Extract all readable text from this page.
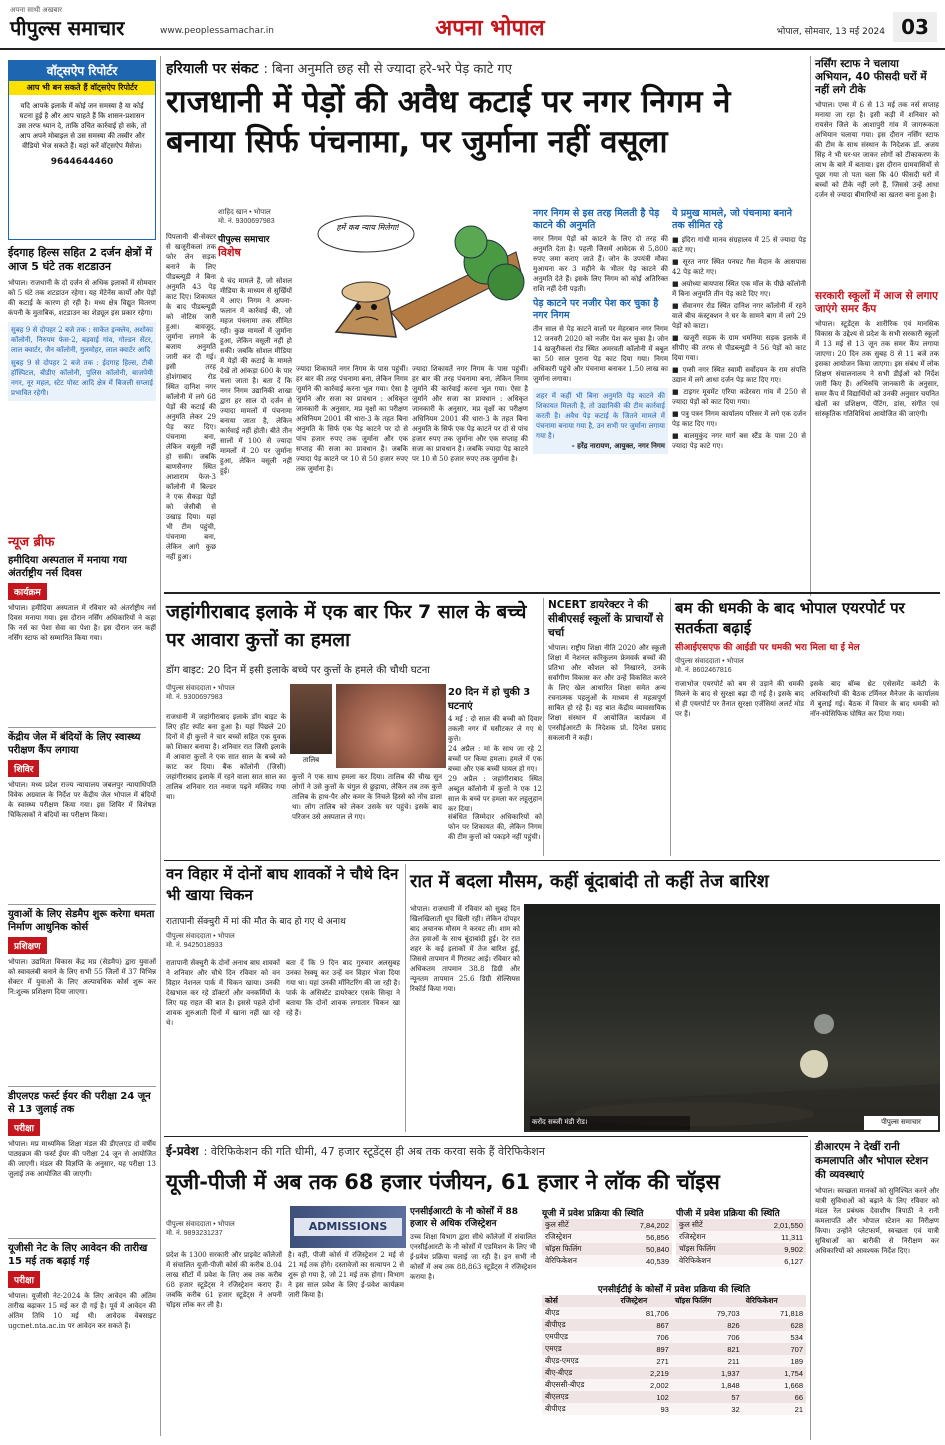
अपना साथी अखबार
पीपुल्स समाचार	www.peoplessamachar.in	अपना भोपाल	भोपाल, सोमवार, 13 मई 2024 03
वॉट्सऐप रिपोर्टर
आप भी बन सकते हैं वॉट्सऐप रिपोर्टर
यदि आपके इलाके में कोई जन समस्या है या कोई घटना हुई है और आप चाहते हैं कि शासन-प्रशासन उस तरफ ध्यान दे, ताकि उचित कार्रवाई हो सके, तो आप अपने मोबाइल से उस समस्या की तस्वीर और वीडियो भेज सकते हैं। यहां करें वॉट्सऐप मैसेज।
9644644460
ईदगाह हिल्स सहित 2 दर्जन क्षेत्रों में आज 5 घंटे तक शटडाउन
भोपाल। राजधानी के दो दर्जन से अधिक इलाकों में सोमवार को 5 घंटे तक शटडाउन रहेगा। यह मेंटेनेंस कार्यों और पेड़ों की कटाई के कारण हो रही है। मध्य क्षेत्र विद्युत वितरण कंपनी के मुताबिक, शटडाउन का शेड्यूल इस प्रकार रहेगा।
सुबह 9 से दोपहर 2 बजे तक : साकेत इन्क्लेव, अशोका कॉलोनी, निरुपम फेस-2, बड़वाई गांव, गोल्डन सेंटर, लाल क्वार्टर, जैन कॉलोनी, गुलमोहर, लाल क्वार्टर आदि
सुबह 9 से दोपहर 2 बजे तक : ईदगाह हिल्स, टीबी हॉस्पिटल, बीडीए कॉलोनी, पुलिस कॉलोनी, बाजपेयी नगर, नूर महल, स्टेट पोस्ट आदि क्षेत्र में बिजली सप्लाई प्रभावित रहेगी।
न्यूज ब्रीफ
हमीदिया अस्पताल में मनाया गया अंतर्राष्ट्रीय नर्स दिवस
कार्यक्रम
भोपाल। हमीदिया अस्पताल में रविवार को अंतर्राष्ट्रीय नर्स दिवस मनाया गया। इस दौरान नर्सिंग अधिकारियों ने कहा कि नर्स का पेशा सेवा का पेशा है। इस दौरान जन कहीं नर्सिंग स्टाफ को सम्मानित किया गया।
केंद्रीय जेल में बंदियों के लिए स्वास्थ्य परीक्षण कैंप लगाया
शिविर
भोपाल। मध्य प्रदेश राज्य न्यायालय जबलपुर न्यायाधिपति विवेक अग्रवाल के निर्देश पर केंद्रीय जेल भोपाल में बंदियों के स्वास्थ्य परीक्षण किया गया। इस शिविर में विशेषज्ञ चिकित्सकों ने बंदियों का परीक्षण किया।
युवाओं के लिए सेडमैप शुरू करेगा धमता निर्माण आधुनिक कोर्स
प्रशिक्षण
भोपाल। उद्यमिता विकास केंद्र मप्र (सेडमैप) द्वारा युवाओं को स्वावलंबी बनाने के लिए सभी 55 जिलों में 37 विभिन्न सेक्टर में युवाओं के लिए अल्पावधिक कोर्स शुरू कर नि:शुल्क प्रशिक्षण दिया जाएगा।
डीएलएड फर्स्ट ईयर की परीक्षा 24 जून से 13 जुलाई तक
परीक्षा
भोपाल। मप्र माध्यमिक शिक्षा मंडल की डीएलएड दो वर्षीय पाठ्यक्रम की फर्स्ट ईयर की परीक्षा 24 जून से आयोजित की जाएगी। मंडल की विज्ञप्ति के अनुसार, यह परीक्षा 13 जुलाई तक आयोजित की जाएगी।
यूजीसी नेट के लिए आवेदन की तारीख 15 मई तक बढ़ाई गई
परीक्षा
भोपाल। यूजीसी नेट-2024 के लिए आवेदन की अंतिम तारीख बढ़ाकर 15 मई कर दी गई है। पूर्व में आवेदन की अंतिम तिथि 10 मई थी। आवेदक वेबसाइट ugcnet.nta.ac.in पर आवेदन कर सकते हैं।
हरियाली पर संकट : बिना अनुमति छह सौ से ज्यादा हरे-भरे पेड़ काटे गए
राजधानी में पेड़ों की अवैध कटाई पर नगर निगम ने बनाया सिर्फ पंचनामा, पर जुर्माना नहीं वसूला
शाहिद खान • भोपाल
मो. नं. 9300697983
हमें कब न्याय मिलेगा!
पीपुल्स समाचार
विशेष
पिपलानी बी-सेक्टर से खजूरीकलां तक फोर लेन सड़क बनाने के लिए पीडब्ल्यूडी ने बिना अनुमति 43 पेड़ काट दिए। शिकायत के बाद पीडब्ल्यूडी को नोटिस जारी हुआ। बावजूद, जुर्माना लगाने के बजाय अनुमति जारी कर दी गई। इसी तरह होशंगाबाद रोड स्थित दानिश नगर कॉलोनी में लगे 68 पेड़ों की कटाई की अनुमति लेकर 29 पेड़ काट दिए। पंचनामा बना, लेकिन वसूली नहीं हो सकी। जबकि बाणसैनगर स्थित आशाराम फेज-3 कॉलोनी में बिल्डर ने एक सैकड़ा पेड़ों को जेसीबी से उखाड़ दिया। यहां भी टीम पहुंची, पंचनामा बना, लेकिन आगे कुछ नहीं हुआ।
ये चंद मामले हैं, जो सोशल मीडिया के माध्यम से सुर्खियों में आए। निगम ने अपना-फलान में कार्रवाई की, जो महज पंचनामा तक सीमित रही। कुछ मामलों में जुर्माना हुआ, लेकिन वसूली नहीं हो सकी। जबकि सोशल मीडिया में पेड़ों की कटाई के मामले देखें तो आंकड़ा 600 के पार चला जाता है। बता दें कि नगर निगम उद्यानिकी शाखा द्वारा हर साल दो दर्जन से ज्यादा मामलों में पंचनामा बनाया जाता है, लेकिन कार्रवाई नहीं होती। बीते तीन सालों में 100 से ज्यादा मामलों में 20 पर जुर्माना हुआ, लेकिन वसूली नहीं हुई।
ज्यादा शिकायतें नगर निगम के पास पहुंचीं। हर बार की तरह पंचनामा बना, लेकिन निगम जुर्माने की कार्रवाई करना भूल गया। ऐसा है जुर्माने और सजा का प्रावधान : अधिकृत जानकारी के अनुसार, मप्र वृक्षों का परीक्षण अधिनियम 2001 की धारा-3 के तहत बिना अनुमति के सिर्फ एक पेड़ काटने पर दो से पांच हजार रुपए तक जुर्माना और एक सप्ताह की सजा का प्रावधान है। जबकि ज्यादा पेड़ काटने पर 10 से 50 हजार रुपए तक जुर्माना है।
ज्यादा शिकायतें नगर निगम के पास पहुंचीं। हर बार की तरह पंचनामा बना, लेकिन निगम जुर्माने की कार्रवाई करना भूल गया। ऐसा है जुर्माने और सजा का प्रावधान : अधिकृत जानकारी के अनुसार, मप्र वृक्षों का परीक्षण अधिनियम 2001 की धारा-3 के तहत बिना अनुमति के सिर्फ एक पेड़ काटने पर दो से पांच हजार रुपए तक जुर्माना और एक सप्ताह की सजा का प्रावधान है। जबकि ज्यादा पेड़ काटने पर 10 से 50 हजार रुपए तक जुर्माना है।
नगर निगम से इस तरह मिलती है पेड़ काटने की अनुमति
नगर निगम पेड़ों को काटने के लिए दो तरह की अनुमति देता है। पहली जिसमें आवेदक से 5,800 रुपए जमा कराए जाते हैं। जोन के उपयंत्री मौका मुआयना कर 3 महीने के भीतर पेड़ काटने की अनुमति देते हैं। इसके लिए निगम को कोई अतिरिक्त राशि नहीं देनी पड़ती।
पेड़ काटने पर नजीर पेश कर चुका है नगर निगम
तीन साल से पेड़ काटने वालों पर मेहरबान नगर निगम 12 जनवरी 2020 को नजीर पेश कर चुका है। जोन 14 खजूरीकलां रोड स्थित अमरवती कॉलोनी में बबूल का 50 साल पुराना पेड़ काट दिया गया। निगम अधिकारी पहुंचे और पंचनामा बनाकर 1.50 लाख का जुर्माना लगाया।
शहर में कहीं भी बिना अनुमति पेड़ काटने की शिकायत मिलती है, तो उद्यानिकी की टीम कार्रवाई करती है। अवैध पेड़ कटाई के जितने मामले में पंचनामा बनाया गया है, उन सभी पर जुर्माना लगाया गया है।
- हरेंद्र नारायण, आयुक्त, नगर निगम
ये प्रमुख मामले, जो पंचनामा बनाने तक सीमित रहे
■ इंदिरा गांधी मानव संग्रहालय में 25 से ज्यादा पेड़ काटे गए।
■ सूरत नगर स्थित पनघट गैस मैदान के आसपास 42 पेड़ काटे गए।
■ अयोध्या बायपास स्थित एक मॉल के पीछे कॉलोनी में बिना अनुमति तीन पेड़ काटे दिए गए।
■ सेंवानगर रोड स्थित दानिश नगर कॉलोनी में रहने वाले बीच कंस्ट्रक्शन ने घर के सामने बाग में लगे 29 पेड़ों को काटा।
■ खजूरी सड़क के ग्राम धमनिया सड़क इलाके में सीपीए की तरफ से पीडब्ल्यूडी ने 56 पेड़ों को काट दिया गया।
■ एम्सी नगर स्थित स्वामी सर्वोदयन के राम संपत्ति उद्यान में लगे आधा दर्जन पेड़ काट दिए गए।
■ टाइगर मूवमेंट एरिया कडेरवरा गांव में 250 से ज्यादा पेड़ों को काट दिया गया।
■ पत्रु पत्रन निगम कार्यालय परिसर में लगे एक दर्जन पेड़ काट दिए गए।
■ बालमुकुंद नगर मार्ग बस स्टैंड के पास 20 से ज्यादा पेड़ काटे गए।
नर्सिंग स्टाफ ने चलाया अभियान, 40 फीसदी घरों में नहीं लगे टीके
भोपाल। एम्स में 6 से 13 मई तक नर्स सप्ताह मनाया जा रहा है। इसी कड़ी में शनिवार को रायसेन जिले के आशापुरी गांव में जागरूकता अभियान चलाया गया। इस दौरान नर्सिंग स्टाफ की टीम के साथ संस्थान के निदेशक डॉ. अजय सिंह ने भी घर-घर जाकर लोगों को टीकाकरण के लाभ के बारे में बताया। इस दौरान ग्रामवासियों से पूछा गया तो पता चला कि 40 फीसदी घरों में बच्चों को टीके नहीं लगे हैं, जिससे उन्हें आधा दर्जन से ज्यादा बीमारियों का खतरा बना हुआ है।
सरकारी स्कूलों में आज से लगाए जाएंगे समर कैंप
भोपाल। स्टूडेंट्स के शारीरिक एवं मानसिक विकास के उद्देश्य से प्रदेश के सभी सरकारी स्कूलों में 13 मई से 13 जून तक समर कैंप लगाया जाएगा। 20 दिन तक सुबह 8 से 11 बजे तक इसका आयोजन किया जाएगा। इस संबंध में लोक शिक्षण संचालनालय ने सभी डीईओ को निर्देश जारी किए हैं। अभिरुचि जानकारी के अनुसार, समर कैंप में विद्यार्थियों को उनकी अनुसार चयनित खेलों का प्रशिक्षण, पेंटिंग, डांस, संगीत एवं सांस्कृतिक गतिविधियां आयोजित की जाएंगी।
जहांगीराबाद इलाके में एक बार फिर 7 साल के बच्चे पर आवारा कुत्तों का हमला
डॉग बाइट: 20 दिन में इसी इलाके बच्चे पर कुत्तों के हमले की चौथी घटना
पीपुल्स संवाददाता • भोपाल
मो. नं. 9300697983
तालिब
राजधानी में जहांगीराबाद इलाके डॉग बाइट के लिए हॉट स्पॉट बना हुआ है। यहां पिछले 20 दिनों में ही कुत्तों ने चार बच्चों सहित एक युवक को शिकार बनाया है। शनिवार रात जिसी इलाके में आवारा कुत्तों ने एक सात साल के बच्चे को काट कर दिया। बैंक कॉलोनी (जिसी) जहांगीराबाद इलाके में रहने वाला सात साल का तालिब शनिवार रात नमाज पढ़ने मस्जिद गया था।
कुत्तों ने एक साथ हमला कर दिया। तालिब की चीख सुन लोगों ने उसे कुत्तों के चंगुल से छुड़ाया, लेकिन तब तक कुत्ते तालिब के हाथ-पैर और कमर के निचले हिस्से को नोंच डाला था। लोग तालिब को लेकर उसके घर पहुंचे। इसके बाद परिजन उसे अस्पताल ले गए।
20 दिन में हो चुकी 3 घटनाएं
4 मई : दो साल की बच्ची को दिवार तकली नगर में घसीटकर ले गए थे कुत्ते।
24 अप्रैल : मां के साथ जा रहे 2 बच्चों पर किया हमला। हमले में एक बच्चा और एक बच्ची घायल हो गए।
29 अप्रैल : जहांगीराबाद स्थित अब्दुल कॉलोनी में कुत्तों ने एक 12 साल के बच्चे पर हमला कर लहूलुहान कर दिया।
संबंधित जिम्मेदार अधिकारियों को फोन पर शिकायत की, लेकिन निगम की टीम कुत्तों को पकड़ने नहीं पहुंची।
NCERT डायरेक्टर ने की सीबीएसई स्कूलों के प्राचार्यों से चर्चा
भोपाल। राष्ट्रीय शिक्षा नीति 2020 और स्कूली शिक्षा में नेशनल करिकुलम फ्रेमवर्क बच्चों की प्रतिभा और कौशल को निखारने, उनके सर्वांगीण विकास कर और उन्हें विकसित करने के लिए खेल आधारित शिक्षा समेत अन्य रचनात्मक पहलुओं के माध्यम से महत्वपूर्ण साबित हो रहे हैं। यह बात केंद्रीय व्यावसायिक शिक्षा संस्थान में आयोजित कार्यक्रम में एनसीईआरटी के निदेशक प्रो. दिनेश प्रसाद सकलानी ने कही।
बम की धमकी के बाद भोपाल एयरपोर्ट पर सतर्कता बढ़ाई
सीआईएसएफ की आईडी पर धमकी भरा मिला था ई मेल
पीपुल्स संवाददाता • भोपाल
मो. नं. 8602467816
राजाभोज एयरपोर्ट को बम से उड़ाने की धमकी मिलने के बाद से सुरक्षा बढ़ा दी गई है। इसके बाद से ही एयरपोर्ट पर तैनात सुरक्षा एजेंसियां अलर्ट मोड पर हैं।
इसके बाद बॉम्ब थ्रेट एसेसमेंट कमेटी के अधिकारियों की बैठक टर्मिनल मैनेजर के कार्यालय में बुलाई गई। बैठक में विचार के बाद धमकी को नॉन-स्पेसिफिक घोषित कर दिया गया।
वन विहार में दोनों बाघ शावकों ने चौथे दिन भी खाया चिकन
रातापानी सेंक्चुरी में मां की मौत के बाद हो गए थे अनाथ
पीपुल्स संवाददाता • भोपाल
मो. नं. 9425018933
रातापानी सेंक्चुरी के दोनों अनाथ बाघ शावकों ने शनिवार और चौथे दिन रविवार को वन विहार नेशनल पार्क में चिकन खाया। उनकी देखभाल कर रहे डॉक्टरों और वनकर्मियों के लिए यह राहत की बात है। इससे पहले दोनों शावक शुरुआती दिनों में खाना नहीं खा रहे थे।
बता दें कि 9 दिन बाद गुरुवार अलसुबह उनका रेस्क्यू कर उन्हें वन विहार भेजा दिया गया था। यहां उनकी मॉनिटरिंग की जा रही है। पार्क के असिस्टेंट डायरेक्टर एसके सिन्हा ने बताया कि दोनों शावक लगातार चिकन खा रहे हैं।
रात में बदला मौसम, कहीं बूंदाबांदी तो कहीं तेज बारिश
भोपाल। राजधानी में रविवार को सुबह दिन खिलखिलाती धूप खिली रही। लेकिन दोपहर बाद अचानक मौसम ने करवट ली। शाम को तेज हवाओं के साथ बूंदाबांदी हुई। देर रात शहर के कई इलाकों में तेज बारिश हुई, जिससे तापमान में गिरावट आई। रविवार को अधिकतम तापमान 38.8 डिग्री और न्यूनतम तापमान 25.6 डिग्री सेल्सियस रिकॉर्ड किया गया।
करोंद सब्जी मंडी रोड।	पीपुल्स समाचार
ई-प्रवेश : वेरिफिकेशन की गति धीमी, 47 हजार स्टूडेंट्स ही अब तक करवा सके हैं वेरिफिकेशन
यूजी-पीजी में अब तक 68 हजार पंजीयन, 61 हजार ने लॉक की चॉइस
पीपुल्स संवाददाता • भोपाल
मो. नं. 9893231237
ADMISSIONS
प्रदेश के 1300 सरकारी और प्राइवेट कॉलेजों में संचालित यूजी-पीजी कोर्स की करीब 8.04 लाख सीटों में प्रवेश के लिए अब तक करीब 68 हजार स्टूडेंट्स ने रजिस्ट्रेशन कराए हैं। जबकि करीब 61 हजार स्टूडेंट्स ने अपनी चॉइस लॉक कर ली है।
है। वहीं, पीजी कोर्स में रजिस्ट्रेशन 2 मई से 21 मई तक होंगे। दस्तावेजों का सत्यापन 2 से शुरू हो गया है, जो 21 मई तक होगा। विभाग ने इस साल प्रवेश के लिए ई-प्रवेश कार्यक्रम जारी किया है।
एनसीईआरटी के नौ कोर्सों में 88 हजार से अधिक रजिस्ट्रेशन
उच्च शिक्षा विभाग द्वारा सीधे कॉलेजों में संचालित एनसीईआरटी के नौ कोर्सों में एडमिशन के लिए भी ई-प्रवेश प्रक्रिया चलाई जा रही है। इन सभी नौ कोर्सों में अब तक 88,863 स्टूडेंट्स ने रजिस्ट्रेशन कराया है।
यूजी में प्रवेश प्रक्रिया की स्थिति
कुल सीटें	7,84,202
रजिस्ट्रेशन	56,856
चॉइस फिलिंग	50,840
वेरिफिकेशन	40,539
पीजी में प्रवेश प्रक्रिया की स्थिति
कुल सीटें	2,01,550
रजिस्ट्रेशन	11,311
चॉइस फिलिंग	9,902
वेरिफिकेशन	6,127
एनसीईटीई के कोर्सों में प्रवेश प्रक्रिया की स्थिति
कोर्स	रजिस्ट्रेशन	चॉइस फिलिंग	वेरिफिकेशन
बीएड	81,706	79,703	71,818
बीपीएड	867	826	628
एमपीएड	706	706	534
एमएड	897	821	707
बीएड-एमएड	271	211	189
बीए-बीएड	2,219	1,937	1,754
बीएससी-बीएड	2,002	1,848	1,668
बीएलएड	102	57	66
बीपीएड	93	32	21
डीआरएम ने देखीं रानी कमलापति और भोपाल स्टेशन की व्यवस्थाएं
भोपाल। स्वच्छता मानकों को सुनिश्चित करने और यात्री सुविधाओं को बढ़ाने के लिए रविवार को मंडल रेल प्रबंधक देवाशीष त्रिपाठी ने रानी कमलापति और भोपाल स्टेशन का निरीक्षण किया। उन्होंने प्लेटफार्म, स्वच्छता एवं यात्री सुविधाओं का बारीकी से निरीक्षण कर अधिकारियों को आवश्यक निर्देश दिए।
